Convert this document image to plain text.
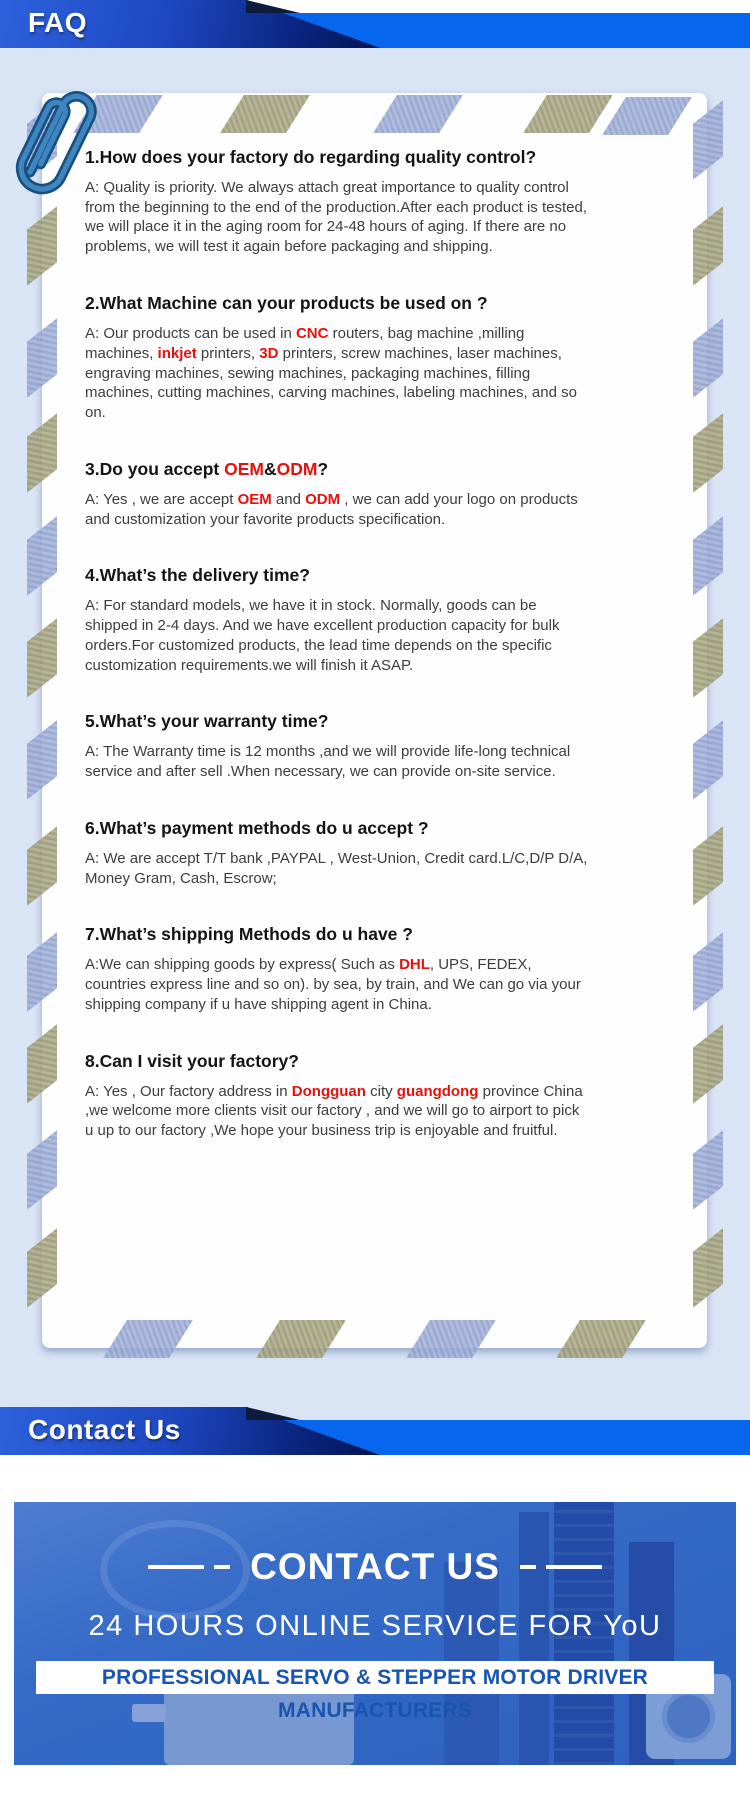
FAQ
1.How does your factory do regarding quality control?

A: Quality is priority. We always attach great importance to quality control from the beginning to the end of the production.After each product is tested, we will place it in the aging room for 24-48 hours of aging. If there are no problems, we will test it again before packaging and shipping.

2.What Machine can your products be used on ?

A: Our products can be used in CNC routers, bag machine ,milling machines, inkjet printers, 3D printers, screw machines, laser machines, engraving machines, sewing machines, packaging machines, filling machines, cutting machines, carving machines, labeling machines, and so on.

3.Do you accept OEM&ODM?

A: Yes , we are accept OEM and ODM , we can add your logo on products and customization your favorite products specification.

4.What’s the delivery time?

A: For standard models, we have it in stock. Normally, goods can be shipped in 2-4 days. And we have excellent production capacity for bulk orders.For customized products, the lead time depends on the specific customization requirements.we will finish it ASAP.

5.What’s your warranty time?

A: The Warranty time is 12 months ,and we will provide life-long technical service and after sell .When necessary, we can provide on-site service.

6.What’s payment methods do u accept ?

A: We are accept T/T bank ,PAYPAL , West-Union, Credit card.L/C,D/P D/A, Money Gram, Cash, Escrow;

7.What’s shipping Methods do u have ?

A:We can shipping goods by express( Such as DHL, UPS, FEDEX, countries express line and so on). by sea, by train, and We can go via your shipping company if u have shipping agent in China.

8.Can I visit your factory?

A: Yes , Our factory address in Dongguan city guangdong province China ,we welcome more clients visit our factory , and we will go to airport to pick u up to our factory ,We hope your business trip is enjoyable and fruitful.

Contact Us
CONTACT US
24 HOURS ONLINE SERVICE FOR YoU
PROFESSIONAL SERVO & STEPPER MOTOR DRIVER MANUFACTURERS
